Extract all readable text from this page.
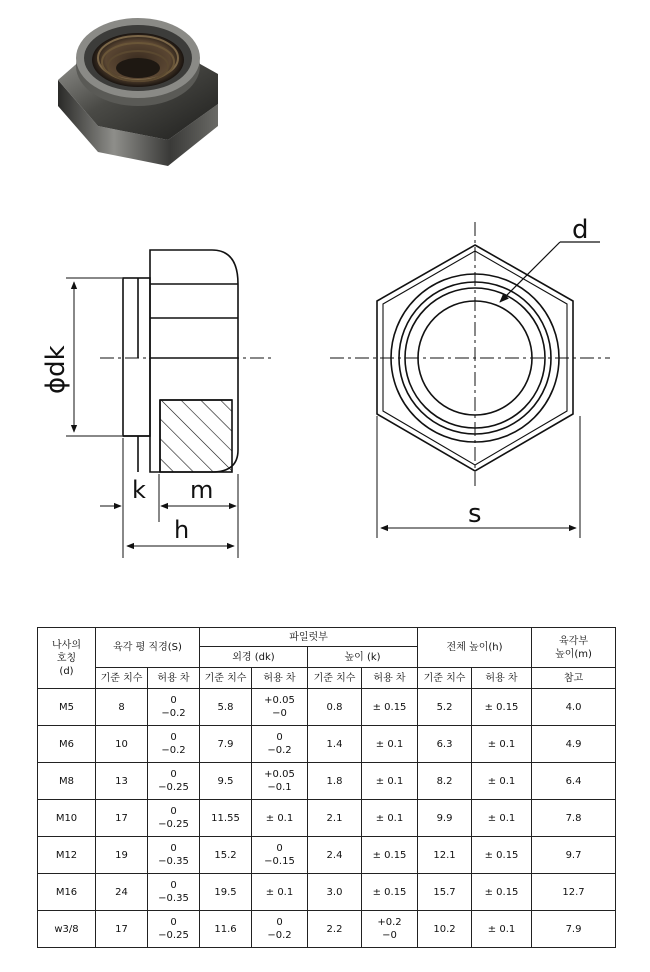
ϕdk
k m
h
d
s
나사의
호칭
(d)	육각 평 직경(S)		파일럿부				전체 높이(h)		육각부
높이(m)
			외경 (dk)		높이 (k)				
	기준 치수	허용 차	기준 치수	허용 차	기준 치수	허용 차	기준 치수	허용 차	참고
M5	8	0
−0.2	5.8	+0.05
−0	0.8	± 0.15	5.2	± 0.15	4.0
M6	10	0
−0.2	7.9	0
−0.2	1.4	± 0.1	6.3	± 0.1	4.9
M8	13	0
−0.25	9.5	+0.05
−0.1	1.8	± 0.1	8.2	± 0.1	6.4
M10	17	0
−0.25	11.55	± 0.1	2.1	± 0.1	9.9	± 0.1	7.8
M12	19	0
−0.35	15.2	0
−0.15	2.4	± 0.15	12.1	± 0.15	9.7
M16	24	0
−0.35	19.5	± 0.1	3.0	± 0.15	15.7	± 0.15	12.7
w3/8	17	0
−0.25	11.6	0
−0.2	2.2	+0.2
−0	10.2	± 0.1	7.9
